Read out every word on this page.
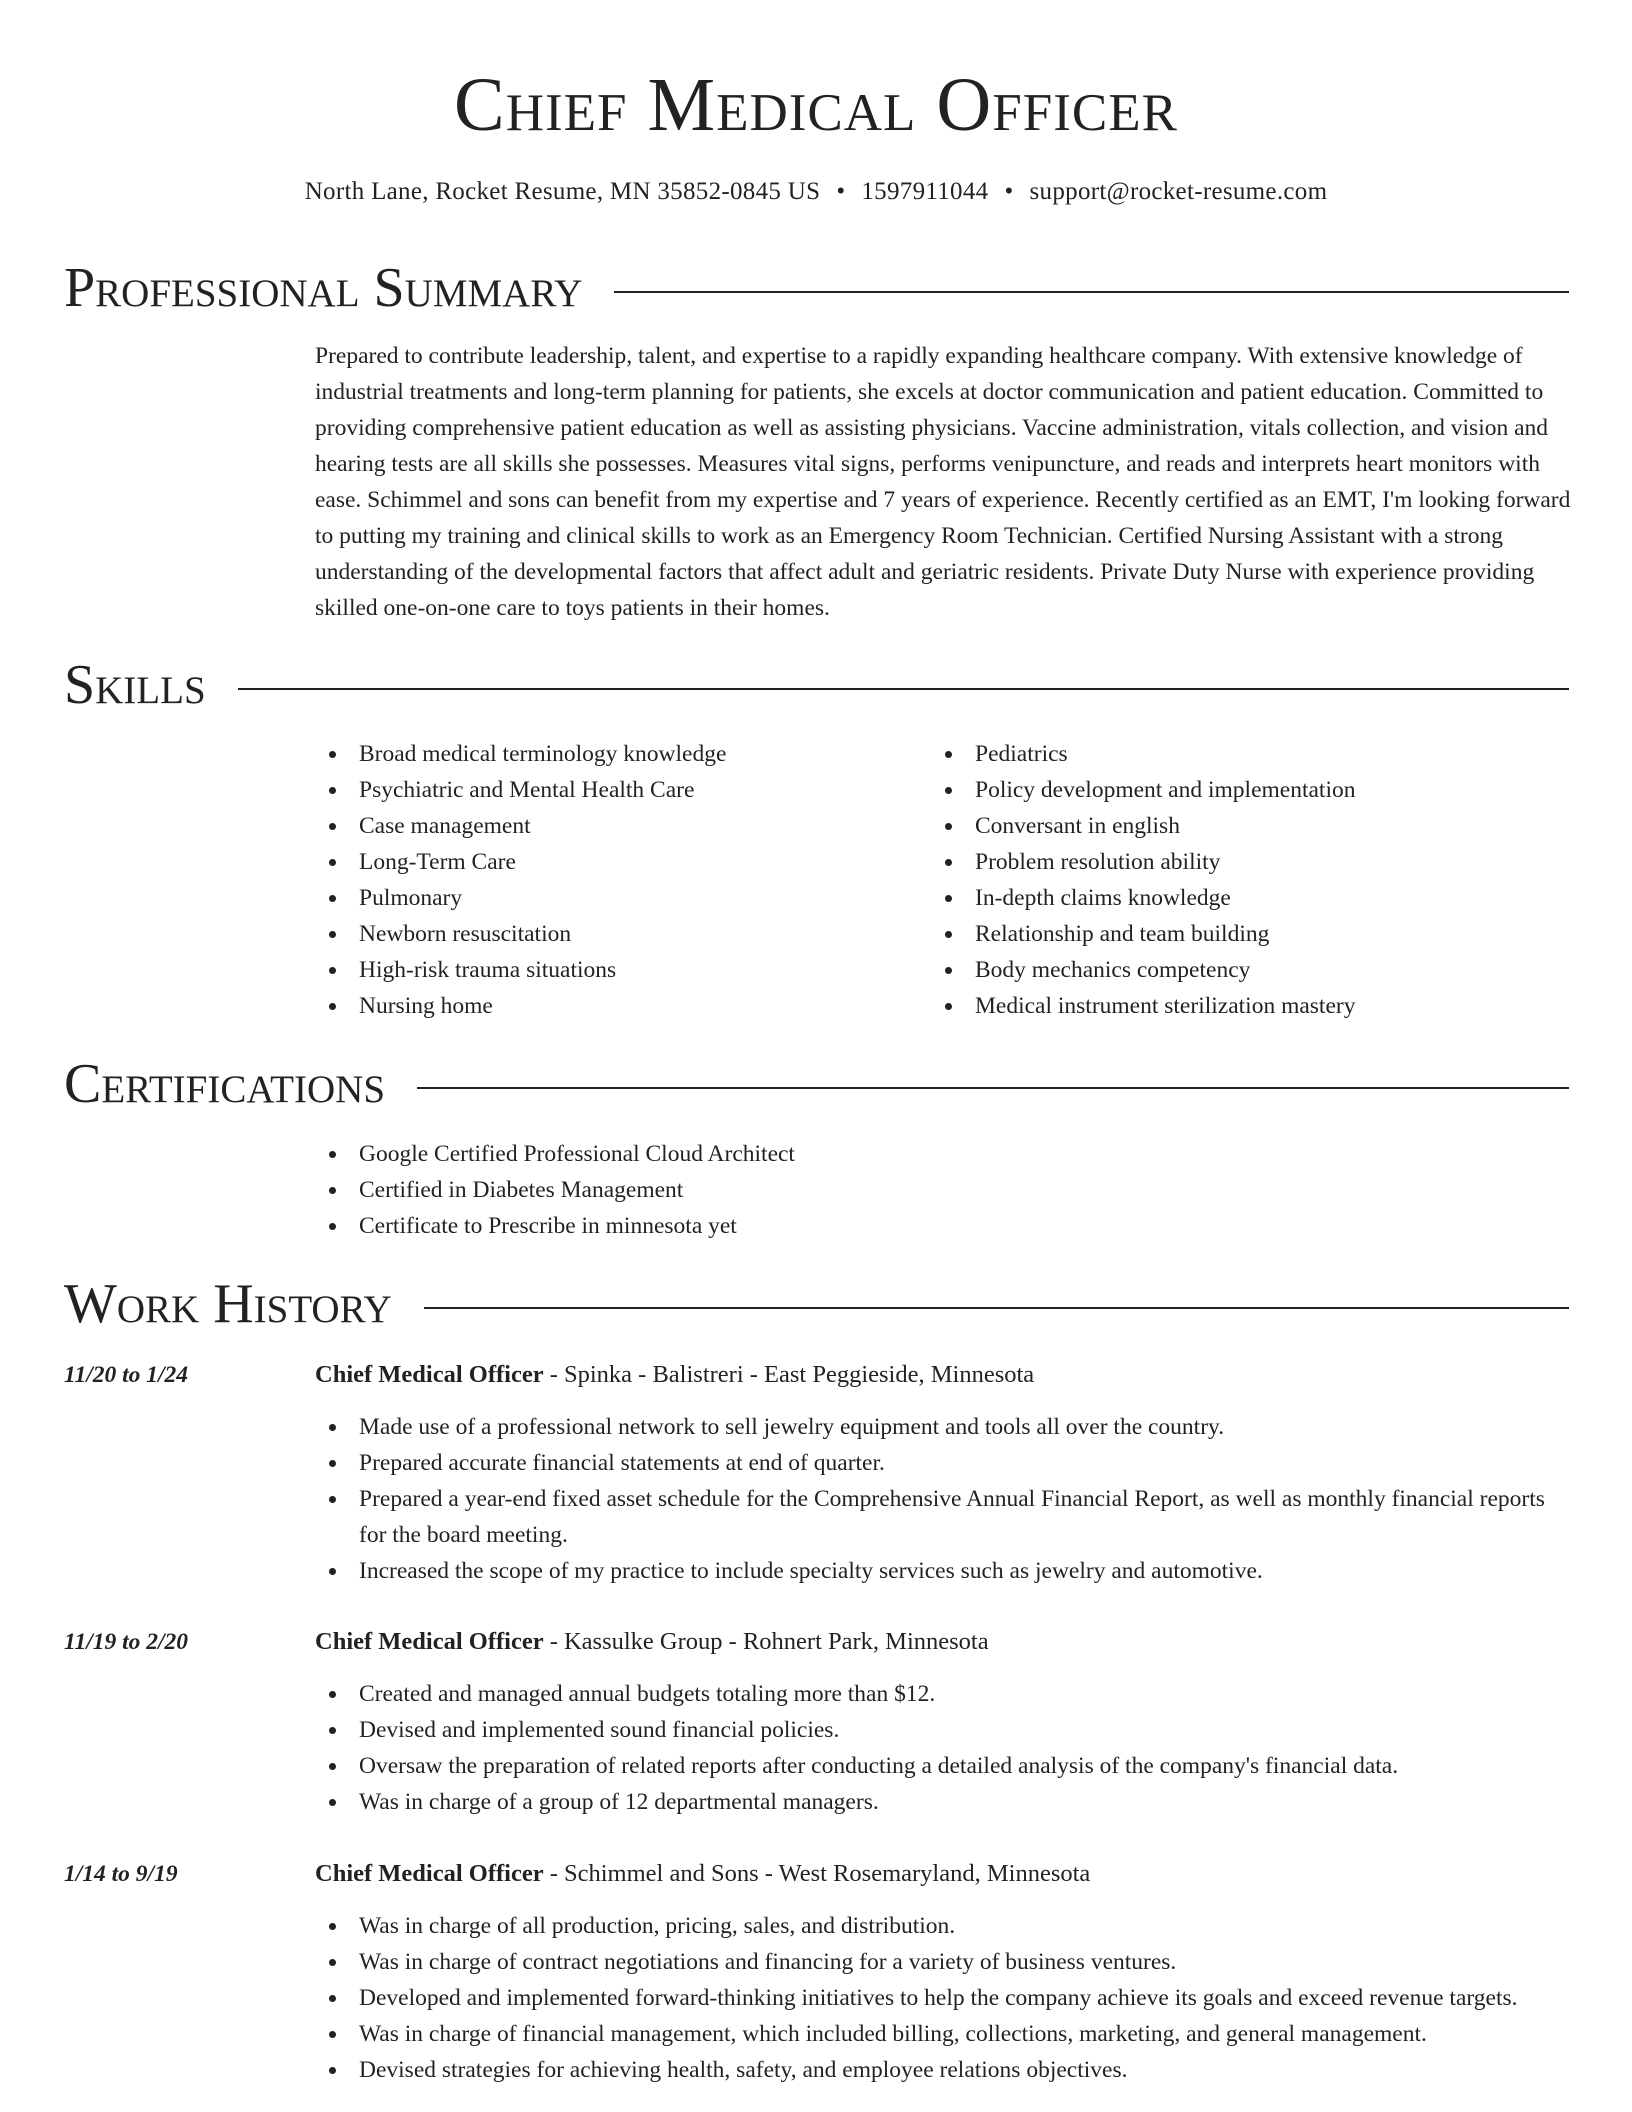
Chief Medical Officer
North Lane, Rocket Resume, MN 35852-0845 US • 1597911044 • support@rocket-resume.com
Professional Summary

Prepared to contribute leadership, talent, and expertise to a rapidly expanding healthcare company. With extensive knowledge of industrial treatments and long-term planning for patients, she excels at doctor communication and patient education. Committed to providing comprehensive patient education as well as assisting physicians. Vaccine administration, vitals collection, and vision and hearing tests are all skills she possesses. Measures vital signs, performs venipuncture, and reads and interprets heart monitors with ease. Schimmel and sons can benefit from my expertise and 7 years of experience. Recently certified as an EMT, I'm looking forward to putting my training and clinical skills to work as an Emergency Room Technician. Certified Nursing Assistant with a strong understanding of the developmental factors that affect adult and geriatric residents. Private Duty Nurse with experience providing skilled one-on-one care to toys patients in their homes.

Skills
Broad medical terminology knowledge
Psychiatric and Mental Health Care
Case management
Long-Term Care
Pulmonary
Newborn resuscitation
High-risk trauma situations
Nursing home
Pediatrics
Policy development and implementation
Conversant in english
Problem resolution ability
In-depth claims knowledge
Relationship and team building
Body mechanics competency
Medical instrument sterilization mastery
Certifications
Google Certified Professional Cloud Architect
Certified in Diabetes Management
Certificate to Prescribe in minnesota yet
Work History
11/20 to 1/24	Chief Medical Officer - Spinka - Balistreri - East Peggieside, Minnesota
Made use of a professional network to sell jewelry equipment and tools all over the country.
Prepared accurate financial statements at end of quarter.
Prepared a year-end fixed asset schedule for the Comprehensive Annual Financial Report, as well as monthly financial reports for the board meeting.
Increased the scope of my practice to include specialty services such as jewelry and automotive.
11/19 to 2/20	Chief Medical Officer - Kassulke Group - Rohnert Park, Minnesota
Created and managed annual budgets totaling more than $12.
Devised and implemented sound financial policies.
Oversaw the preparation of related reports after conducting a detailed analysis of the company's financial data.
Was in charge of a group of 12 departmental managers.
1/14 to 9/19	Chief Medical Officer - Schimmel and Sons - West Rosemaryland, Minnesota
Was in charge of all production, pricing, sales, and distribution.
Was in charge of contract negotiations and financing for a variety of business ventures.
Developed and implemented forward-thinking initiatives to help the company achieve its goals and exceed revenue targets.
Was in charge of financial management, which included billing, collections, marketing, and general management.
Devised strategies for achieving health, safety, and employee relations objectives.
